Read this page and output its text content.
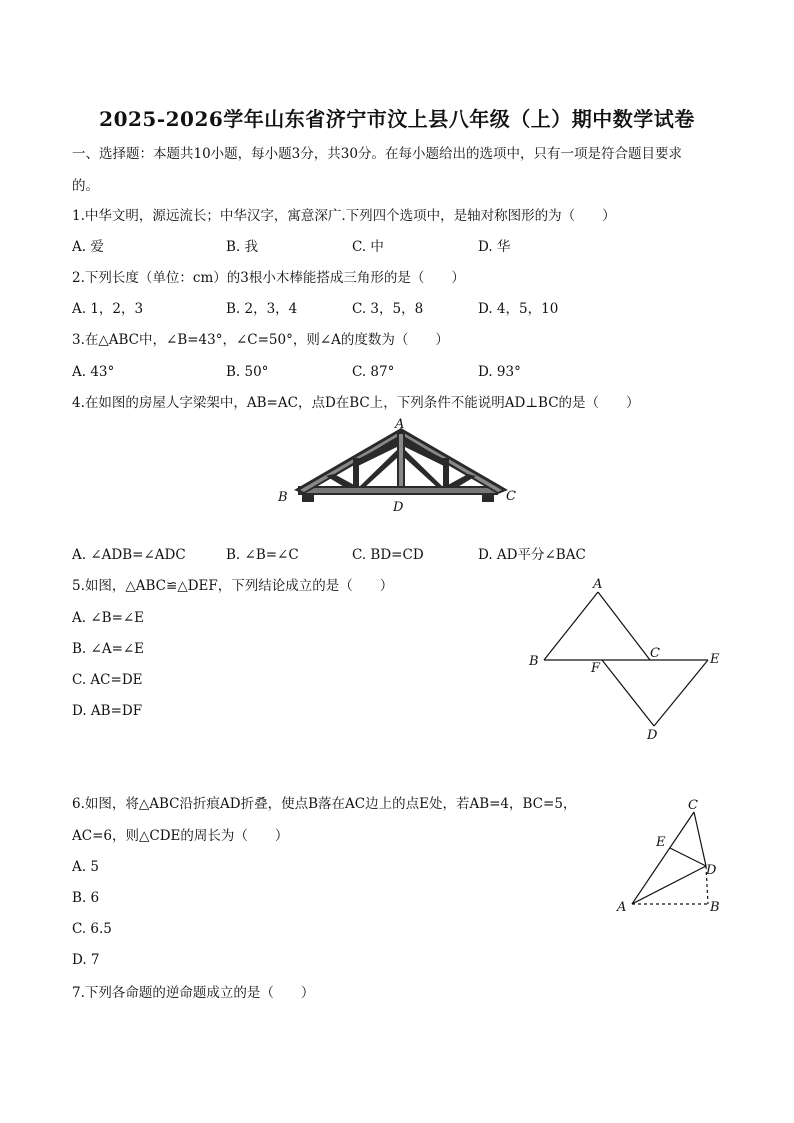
2025-2026学年山东省济宁市汶上县八年级（上）期中数学试卷
一、选择题：本题共10小题，每小题3分，共30分。在每小题给出的选项中，只有一项是符合题目要求
的。
1.中华文明，源远流长；中华汉字，寓意深广.下列四个选项中，是轴对称图形的为（　　）
A. 爱	B. 我	C. 中	D. 华
2.下列长度（单位：cm）的3根小木棒能搭成三角形的是（　　）
A. 1，2，3	B. 2，3，4	C. 3，5，8	D. 4，5，10
3.在△ABC中，∠B=43°，∠C=50°，则∠A的度数为（　　）
A. 43°	B. 50°	C. 87°	D. 93°
4.在如图的房屋人字梁架中，AB=AC，点D在BC上，下列条件不能说明AD⊥BC的是（　　）
A
B	C
D
A. ∠ADB=∠ADC	B. ∠B=∠C	C. BD=CD	D. AD平分∠BAC
5.如图，△ABC≌△DEF，下列结论成立的是（　　）
A. ∠B=∠E
B. ∠A=∠E
C. AC=DE
D. AB=DF
A
B
C	E
F
D
6.如图，将△ABC沿折痕AD折叠，使点B落在AC边上的点E处，若AB=4，BC=5，
AC=6，则△CDE的周长为（　　）
A. 5
B. 6
C. 6.5
D. 7
C
E
D
A	B
7.下列各命题的逆命题成立的是（　　）
